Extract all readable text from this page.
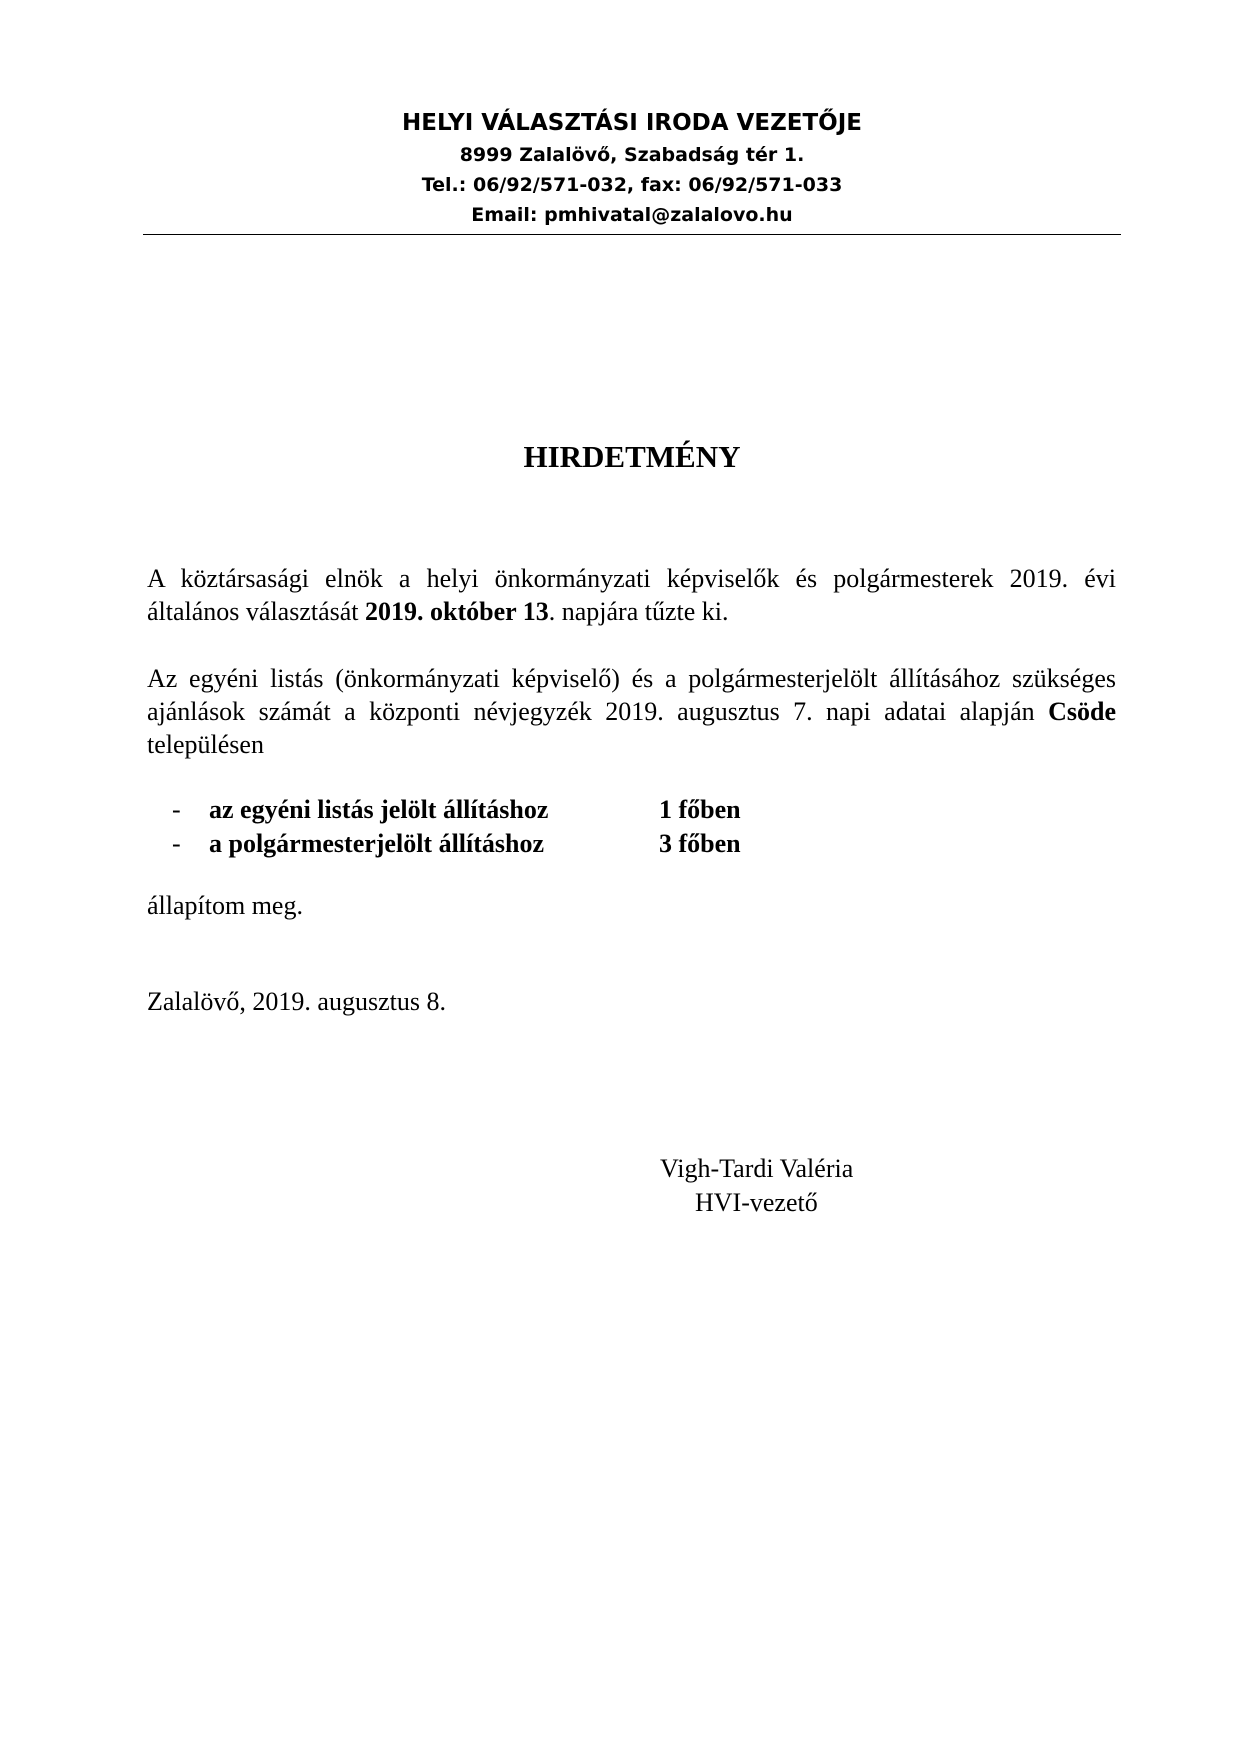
HELYI VÁLASZTÁSI IRODA VEZETŐJE
8999 Zalalövő, Szabadság tér 1.
Tel.: 06/92/571-032, fax: 06/92/571-033
Email: pmhivatal@zalalovo.hu
HIRDETMÉNY
A köztársasági elnök a helyi önkormányzati képviselők és polgármesterek 2019. évi általános választását 2019. október 13. napjára tűzte ki.
Az egyéni listás (önkormányzati képviselő) és a polgármesterjelölt állításához szükséges ajánlások számát a központi névjegyzék 2019. augusztus 7. napi adatai alapján Csöde településen
- az egyéni listás jelölt állításhoz	1 főben
- a polgármesterjelölt állításhoz	3 főben
állapítom meg.
Zalalövő, 2019. augusztus 8.
Vigh-Tardi Valéria
HVI-vezető
